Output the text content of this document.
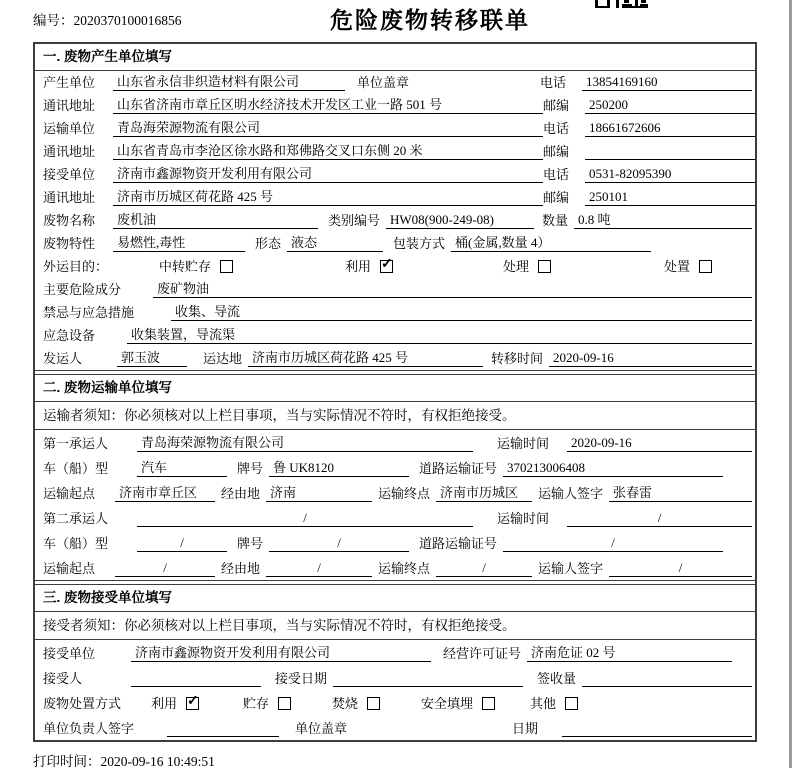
编号：2020370100016856	危险废物转移联单
一. 废物产生单位填写
产生单位	山东省永信非织造材料有限公司	单位盖章	电话	13854169160
通讯地址	山东省济南市章丘区明水经济技术开发区工业一路 501 号	邮编	250200
运输单位	青岛海荣源物流有限公司	电话	18661672606
通讯地址	山东省青岛市李沧区徐水路和郑佛路交叉口东侧 20 米	邮编
接受单位	济南市鑫源物资开发利用有限公司	电话	0531-82095390
通讯地址	济南市历城区荷花路 425 号	邮编	250101
废物名称	废机油	类别编号 HW08(900-249-08)	数量 0.8 吨
废物特性	易燃性,毒性	形态 液态	包装方式 桶(金属,数量 4）
外运目的：	中转贮存	利用 ✓	处理	处置
主要危险成分	废矿物油
禁忌与应急措施	收集、导流
应急设备	收集装置，导流渠
发运人	郭玉波	运达地 济南市历城区荷花路 425 号	转移时间 2020-09-16
二. 废物运输单位填写
运输者须知：你必须核对以上栏目事项，当与实际情况不符时，有权拒绝接受。
第一承运人	青岛海荣源物流有限公司	运输时间	2020-09-16
车（船）型	汽车	牌号 鲁 UK8120	道路运输证号 370213006408
运输起点	济南市章丘区	经由地 济南	运输终点 济南市历城区	运输人签字 张春雷
第二承运人	/	运输时间	/
车（船）型	/	牌号	/	道路运输证号	/
运输起点	/	经由地	/	运输终点	/	运输人签字	/
三. 废物接受单位填写
接受者须知：你必须核对以上栏目事项，当与实际情况不符时，有权拒绝接受。
接受单位	济南市鑫源物资开发利用有限公司	经营许可证号 济南危证 02 号
接受人	接受日期	签收量
废物处置方式	利用 ✓	贮存	焚烧	安全填埋	其他
单位负责人签字	单位盖章	日期
打印时间：2020-09-16 10:49:51
